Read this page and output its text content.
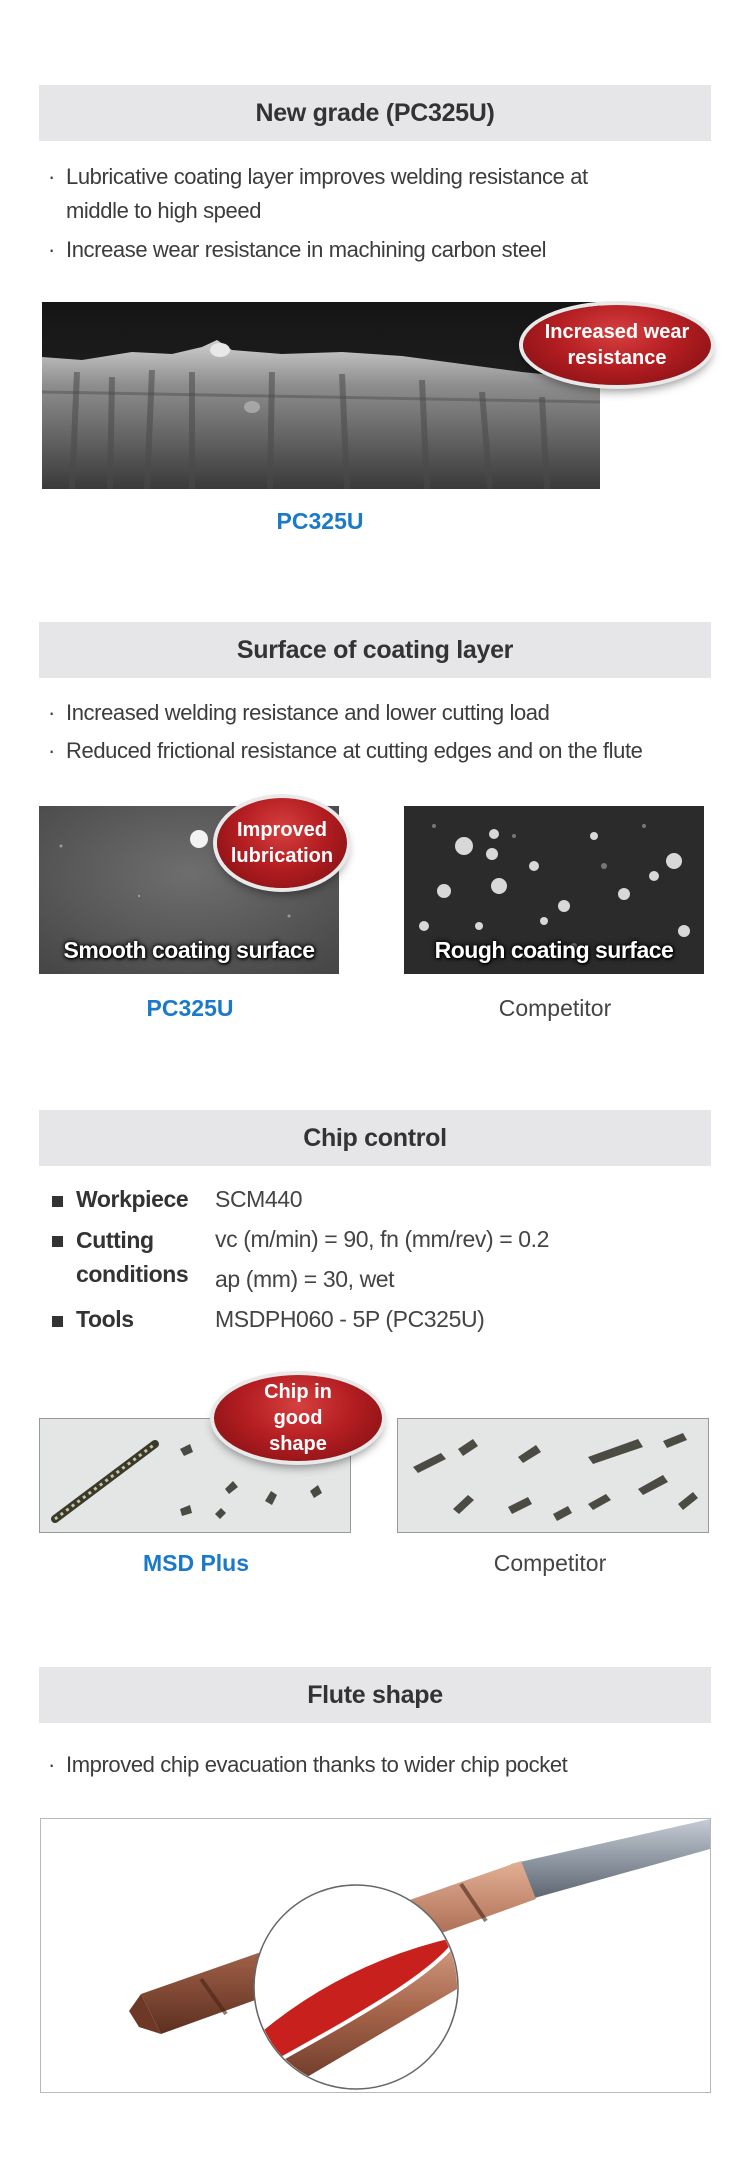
New grade (PC325U)
· Lubricative coating layer improves welding resistance at
middle to high speed
· Increase wear resistance in machining carbon steel
Increased wear resistance
PC325U
Surface of coating layer
· Increased welding resistance and lower cutting load
· Reduced frictional resistance at cutting edges and on the flute
Smooth coating surface
Improved lubrication
Rough coating surface
PC325U	Competitor
Chip control
Workpiece SCM440
Cutting conditions
vc (m/min) = 90, fn (mm/rev) = 0.2
ap (mm) = 30, wet
Tools	MSDPH060 - 5P (PC325U)
Chip in good shape
MSD Plus	Competitor
Flute shape
· Improved chip evacuation thanks to wider chip pocket
